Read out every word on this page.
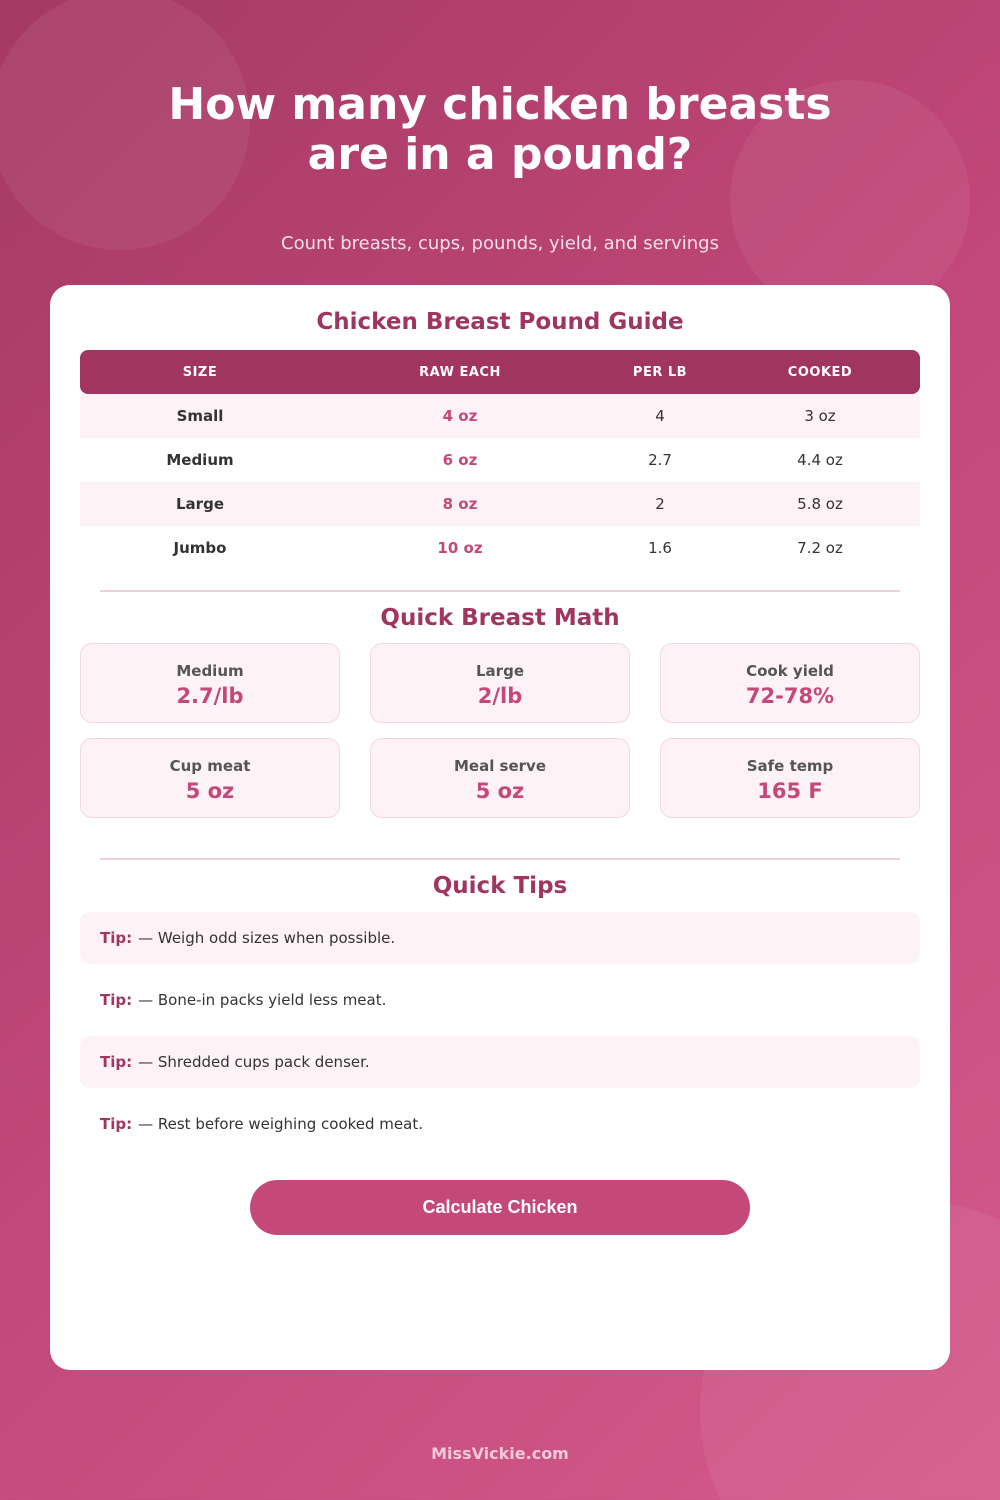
How many chicken breasts
are in a pound?
Count breasts, cups, pounds, yield, and servings
Chicken Breast Pound Guide
SIZE	RAW EACH	PER LB	COOKED
Small	4 oz	4	3 oz
Medium	6 oz	2.7	4.4 oz
Large	8 oz	2	5.8 oz
Jumbo	10 oz	1.6	7.2 oz
Quick Breast Math
Medium
2.7/lb
Large
2/lb
Cook yield
72-78%
Cup meat
5 oz
Meal serve
5 oz
Safe temp
165 F
Quick Tips
Tip: — Weigh odd sizes when possible.
Tip: — Bone-in packs yield less meat.
Tip: — Shredded cups pack denser.
Tip: — Rest before weighing cooked meat.
Calculate Chicken
MissVickie.com
